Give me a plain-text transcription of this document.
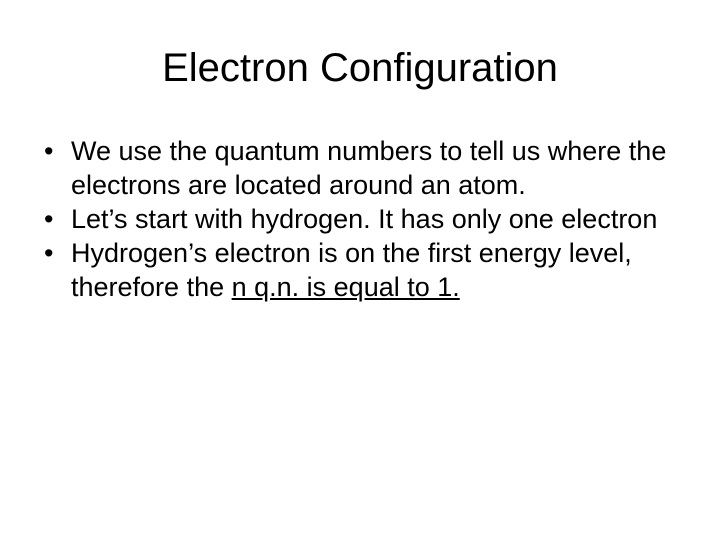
Electron Configuration
• We use the quantum numbers to tell us where the electrons are located around an atom.
• Let’s start with hydrogen. It has only one electron
• Hydrogen’s electron is on the first energy level, therefore the n q.n. is equal to 1.
